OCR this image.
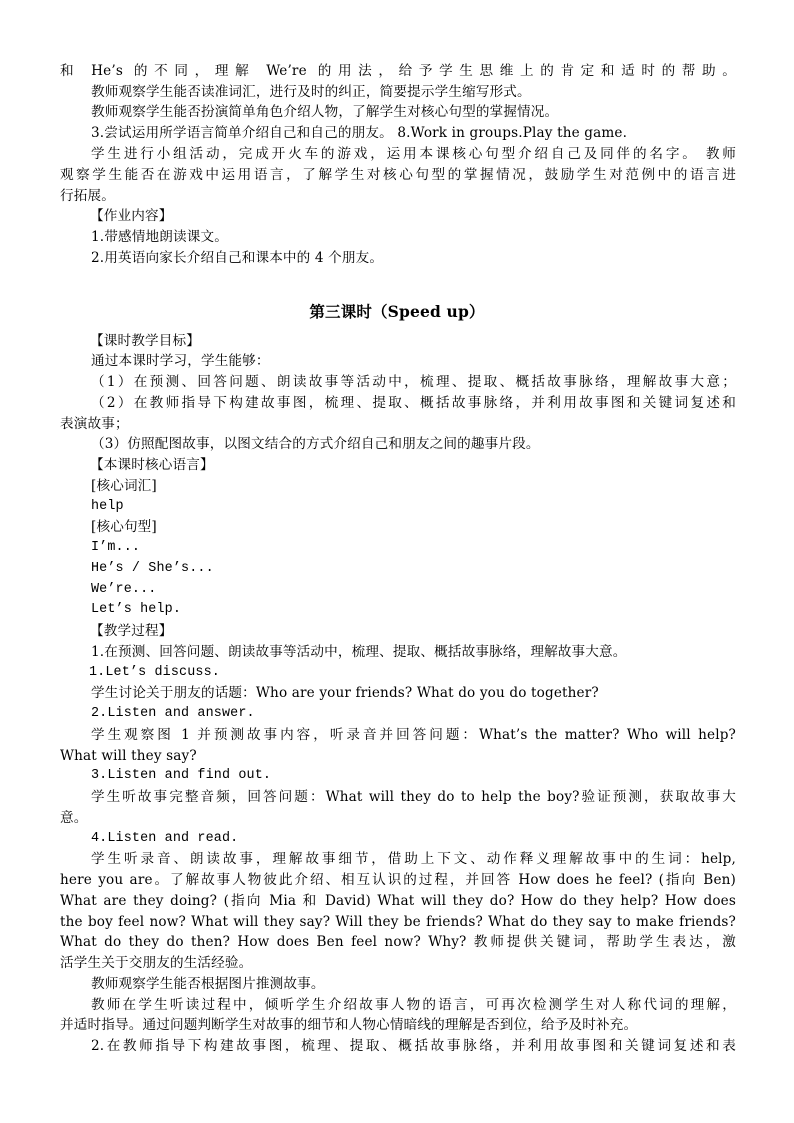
和 He’s 的不同，理解 We’re 的用法，给予学生思维上的肯定和适时的帮助。
教师观察学生能否读准词汇，进行及时的纠正，简要提示学生缩写形式。
教师观察学生能否扮演简单角色介绍人物，了解学生对核心句型的掌握情况。
3.尝试运用所学语言简单介绍自己和自己的朋友。 8.Work in groups.Play the game.
学生进行小组活动，完成开火车的游戏，运用本课核心句型介绍自己及同伴的名字。 教师
观察学生能否在游戏中运用语言，了解学生对核心句型的掌握情况，鼓励学生对范例中的语言进
行拓展。
【作业内容】
1.带感情地朗读课文。
2.用英语向家长介绍自己和课本中的 4 个朋友。
第三课时（Speed up）
【课时教学目标】
通过本课时学习，学生能够：
（1）在预测、回答问题、朗读故事等活动中，梳理、提取、概括故事脉络，理解故事大意；
（2）在教师指导下构建故事图，梳理、提取、概括故事脉络，并利用故事图和关键词复述和
表演故事；
（3）仿照配图故事，以图文结合的方式介绍自己和朋友之间的趣事片段。
【本课时核心语言】
[核心词汇]
help
[核心句型]
I’m...
He’s / She’s...
We’re...
Let’s help.
【教学过程】
1.在预测、回答问题、朗读故事等活动中，梳理、提取、概括故事脉络，理解故事大意。
1.Let’s discuss.
学生讨论关于朋友的话题：Who are your friends? What do you do together?
2.Listen and answer.
学生观察图 1 并预测故事内容，听录音并回答问题：What’s the matter? Who will help?
What will they say?
3.Listen and find out.
学生听故事完整音频，回答问题：What will they do to help the boy?验证预测，获取故事大
意。
4.Listen and read.
学生听录音、朗读故事，理解故事细节，借助上下文、动作释义理解故事中的生词：help,
here you are。了解故事人物彼此介绍、相互认识的过程，并回答 How does he feel? (指向 Ben)
What are they doing? (指向 Mia 和 David) What will they do? How do they help? How does
the boy feel now? What will they say? Will they be friends? What do they say to make friends?
What do they do then? How does Ben feel now? Why? 教师提供关键词，帮助学生表达，激
活学生关于交朋友的生活经验。
教师观察学生能否根据图片推测故事。
教师在学生听读过程中，倾听学生介绍故事人物的语言，可再次检测学生对人称代词的理解，
并适时指导。通过问题判断学生对故事的细节和人物心情暗线的理解是否到位，给予及时补充。
2.在教师指导下构建故事图，梳理、提取、概括故事脉络，并利用故事图和关键词复述和表
